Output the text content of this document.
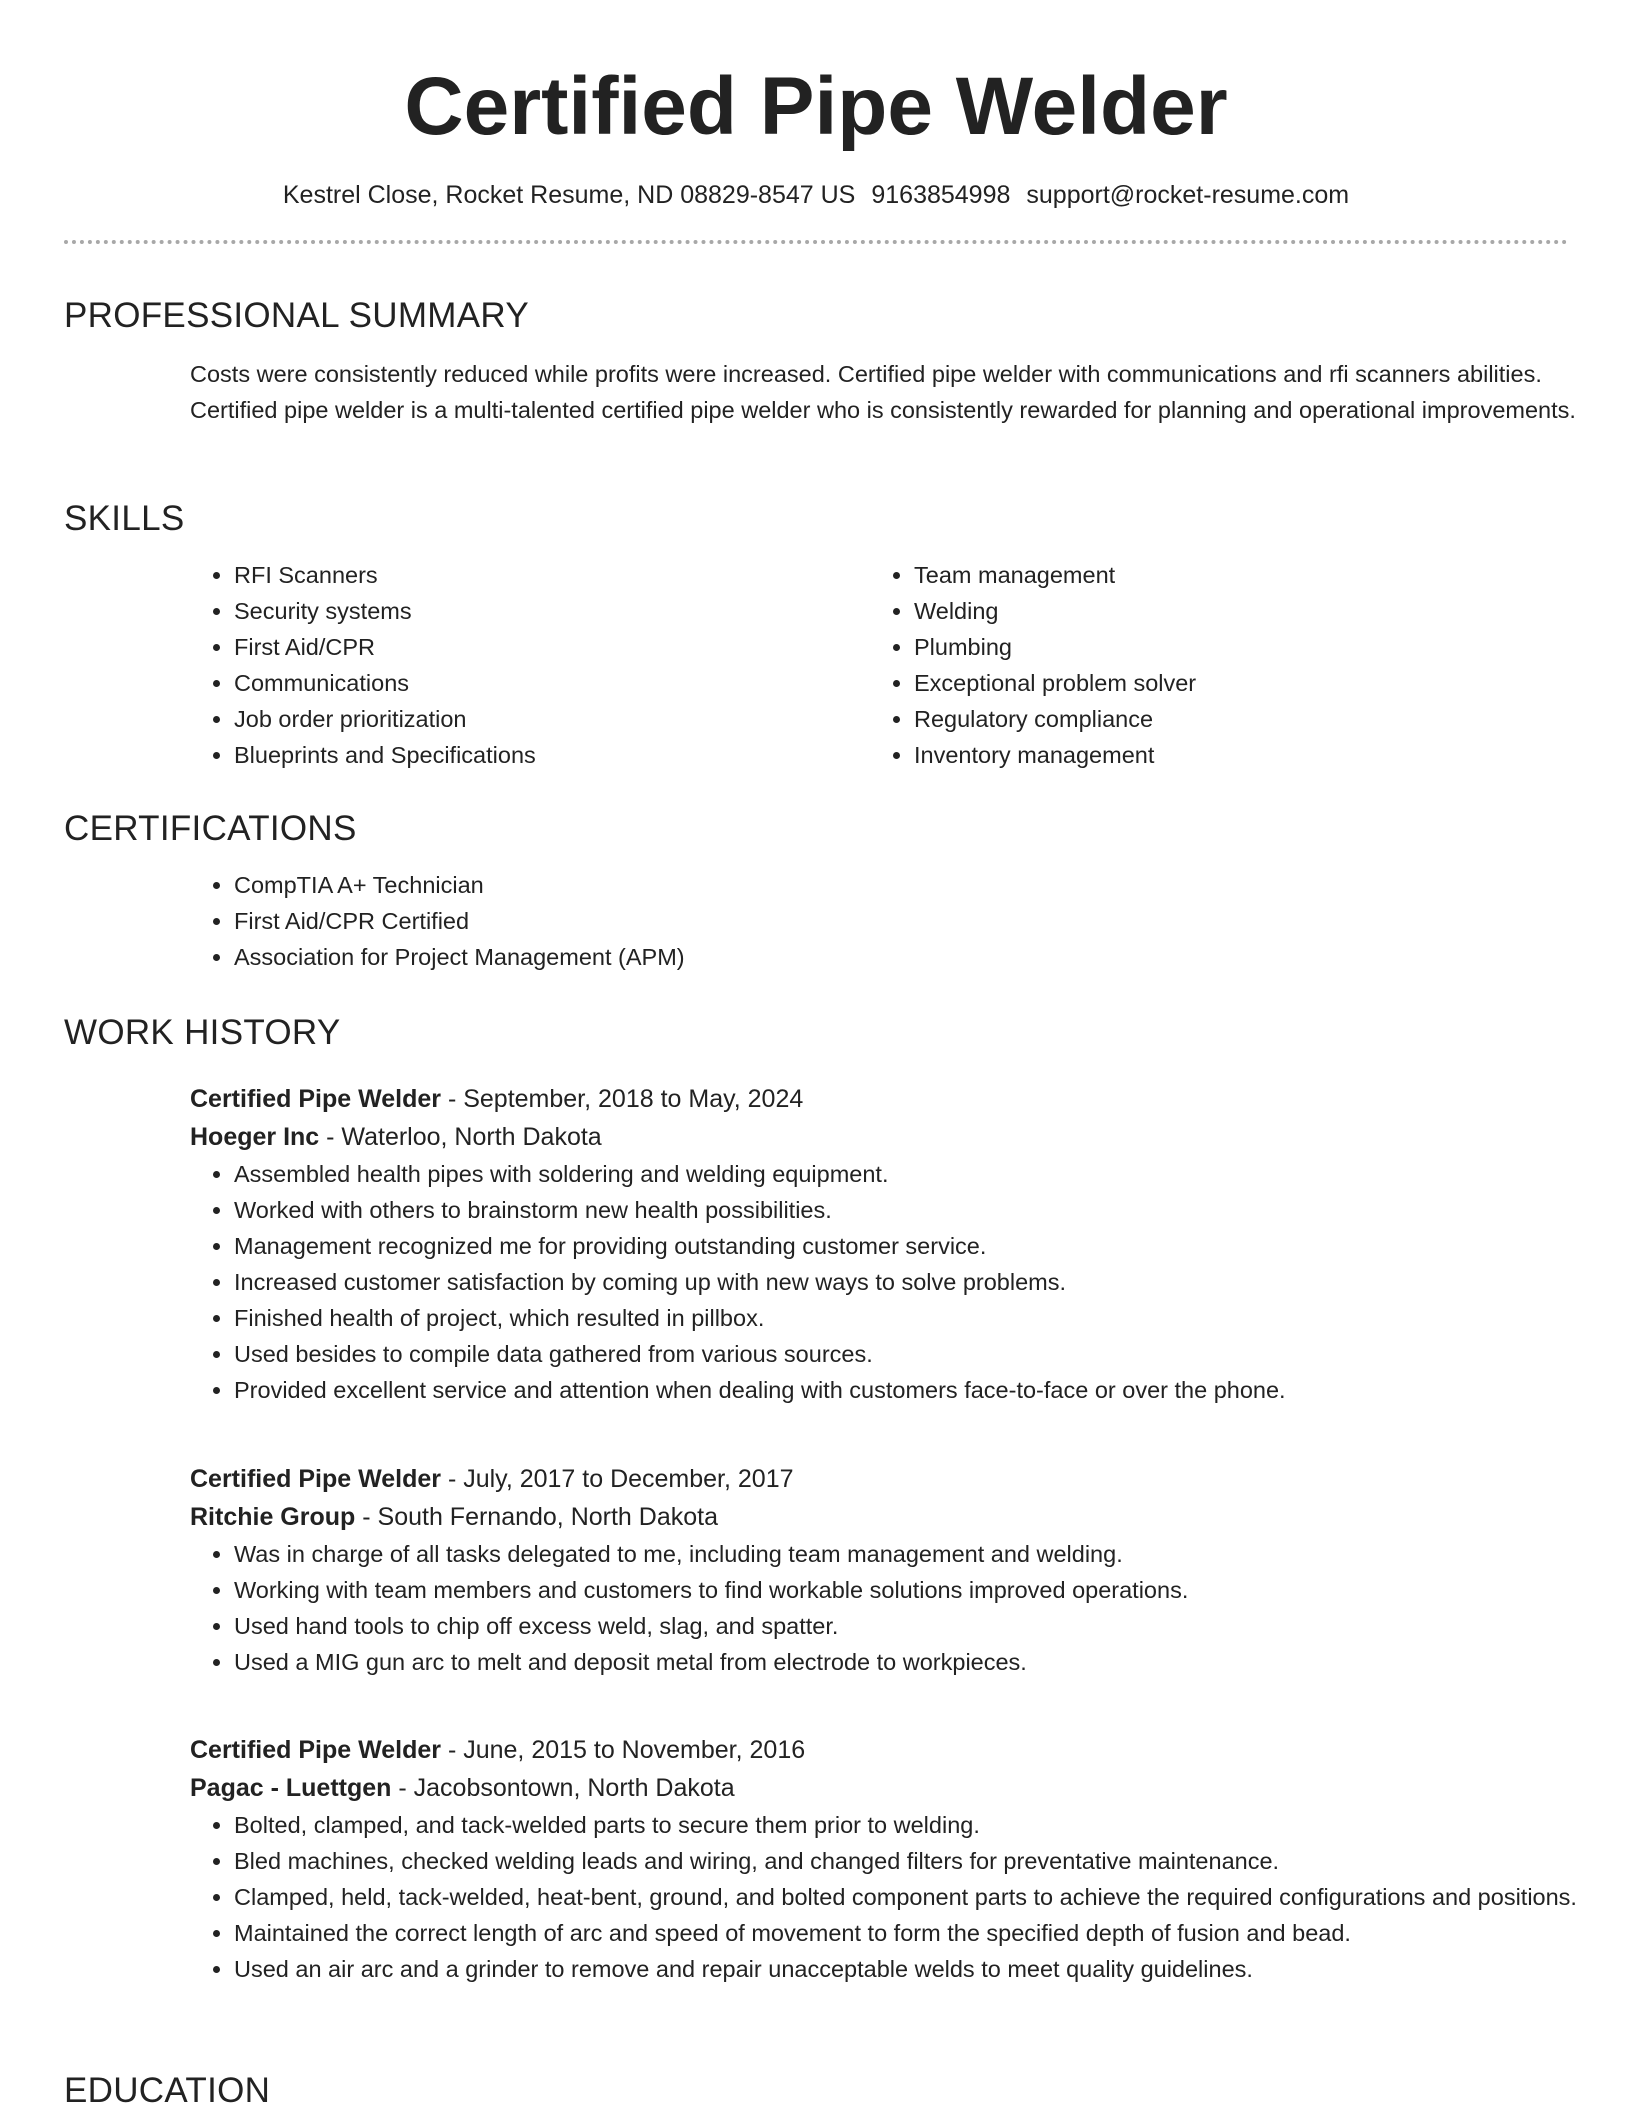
Certified Pipe Welder
Kestrel Close, Rocket Resume, ND 08829-8547 US 9163854998 support@rocket-resume.com
PROFESSIONAL SUMMARY
Costs were consistently reduced while profits were increased. Certified pipe welder with communications and rfi scanners abilities. Certified pipe welder is a multi-talented certified pipe welder who is consistently rewarded for planning and operational improvements.
SKILLS
• RFI Scanners
• Security systems
• First Aid/CPR
• Communications
• Job order prioritization
• Blueprints and Specifications
• Team management
• Welding
• Plumbing
• Exceptional problem solver
• Regulatory compliance
• Inventory management
CERTIFICATIONS
• CompTIA A+ Technician
• First Aid/CPR Certified
• Association for Project Management (APM)
WORK HISTORY
Certified Pipe Welder - September, 2018 to May, 2024
Hoeger Inc - Waterloo, North Dakota
• Assembled health pipes with soldering and welding equipment.
• Worked with others to brainstorm new health possibilities.
• Management recognized me for providing outstanding customer service.
• Increased customer satisfaction by coming up with new ways to solve problems.
• Finished health of project, which resulted in pillbox.
• Used besides to compile data gathered from various sources.
• Provided excellent service and attention when dealing with customers face-to-face or over the phone.
Certified Pipe Welder - July, 2017 to December, 2017
Ritchie Group - South Fernando, North Dakota
• Was in charge of all tasks delegated to me, including team management and welding.
• Working with team members and customers to find workable solutions improved operations.
• Used hand tools to chip off excess weld, slag, and spatter.
• Used a MIG gun arc to melt and deposit metal from electrode to workpieces.
Certified Pipe Welder - June, 2015 to November, 2016
Pagac - Luettgen - Jacobsontown, North Dakota
• Bolted, clamped, and tack-welded parts to secure them prior to welding.
• Bled machines, checked welding leads and wiring, and changed filters for preventative maintenance.
• Clamped, held, tack-welded, heat-bent, ground, and bolted component parts to achieve the required configurations and positions.
• Maintained the correct length of arc and speed of movement to form the specified depth of fusion and bead.
• Used an air arc and a grinder to remove and repair unacceptable welds to meet quality guidelines.
EDUCATION
